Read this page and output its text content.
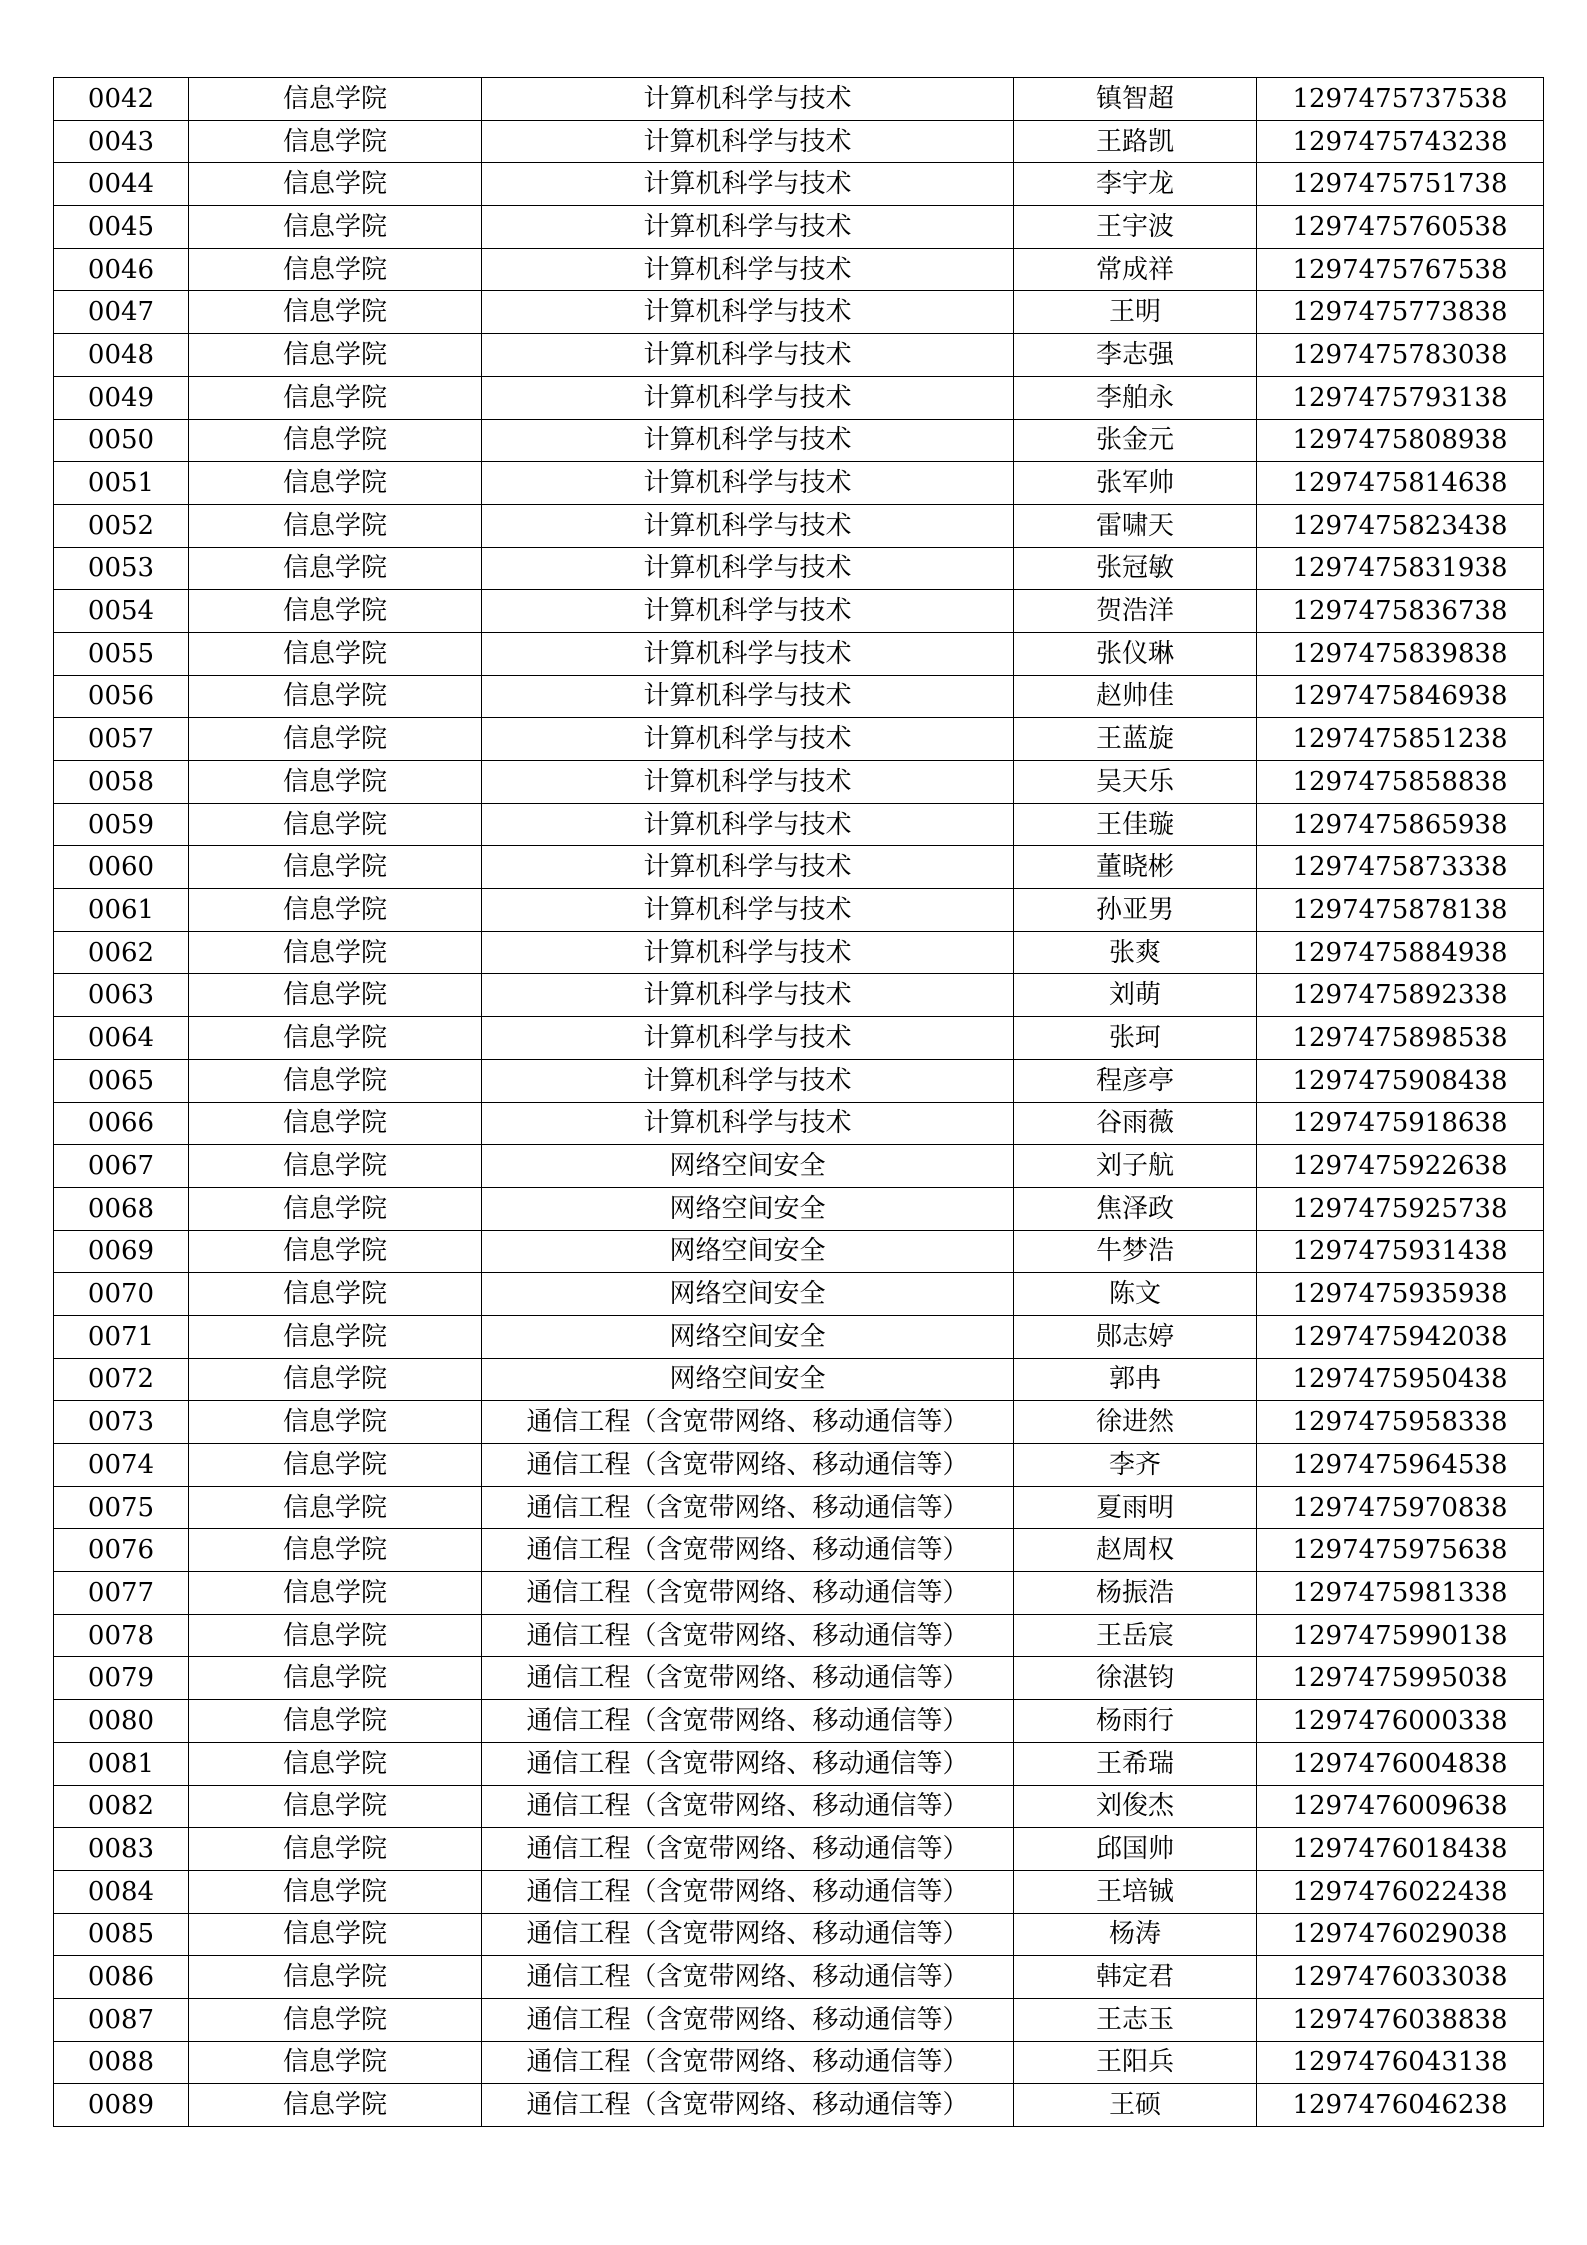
0042	信息学院	计算机科学与技术	镇智超	1297475737538
0043	信息学院	计算机科学与技术	王路凯	1297475743238
0044	信息学院	计算机科学与技术	李宇龙	1297475751738
0045	信息学院	计算机科学与技术	王宇波	1297475760538
0046	信息学院	计算机科学与技术	常成祥	1297475767538
0047	信息学院	计算机科学与技术	王明	1297475773838
0048	信息学院	计算机科学与技术	李志强	1297475783038
0049	信息学院	计算机科学与技术	李舶永	1297475793138
0050	信息学院	计算机科学与技术	张金元	1297475808938
0051	信息学院	计算机科学与技术	张军帅	1297475814638
0052	信息学院	计算机科学与技术	雷啸天	1297475823438
0053	信息学院	计算机科学与技术	张冠敏	1297475831938
0054	信息学院	计算机科学与技术	贺浩洋	1297475836738
0055	信息学院	计算机科学与技术	张仪琳	1297475839838
0056	信息学院	计算机科学与技术	赵帅佳	1297475846938
0057	信息学院	计算机科学与技术	王蓝旋	1297475851238
0058	信息学院	计算机科学与技术	吴天乐	1297475858838
0059	信息学院	计算机科学与技术	王佳璇	1297475865938
0060	信息学院	计算机科学与技术	董晓彬	1297475873338
0061	信息学院	计算机科学与技术	孙亚男	1297475878138
0062	信息学院	计算机科学与技术	张爽	1297475884938
0063	信息学院	计算机科学与技术	刘萌	1297475892338
0064	信息学院	计算机科学与技术	张珂	1297475898538
0065	信息学院	计算机科学与技术	程彦亭	1297475908438
0066	信息学院	计算机科学与技术	谷雨薇	1297475918638
0067	信息学院	网络空间安全	刘子航	1297475922638
0068	信息学院	网络空间安全	焦泽政	1297475925738
0069	信息学院	网络空间安全	牛梦浩	1297475931438
0070	信息学院	网络空间安全	陈文	1297475935938
0071	信息学院	网络空间安全	郧志婷	1297475942038
0072	信息学院	网络空间安全	郭冉	1297475950438
0073	信息学院	通信工程（含宽带网络、移动通信等）	徐进然	1297475958338
0074	信息学院	通信工程（含宽带网络、移动通信等）	李齐	1297475964538
0075	信息学院	通信工程（含宽带网络、移动通信等）	夏雨明	1297475970838
0076	信息学院	通信工程（含宽带网络、移动通信等）	赵周权	1297475975638
0077	信息学院	通信工程（含宽带网络、移动通信等）	杨振浩	1297475981338
0078	信息学院	通信工程（含宽带网络、移动通信等）	王岳宸	1297475990138
0079	信息学院	通信工程（含宽带网络、移动通信等）	徐湛钧	1297475995038
0080	信息学院	通信工程（含宽带网络、移动通信等）	杨雨行	1297476000338
0081	信息学院	通信工程（含宽带网络、移动通信等）	王希瑞	1297476004838
0082	信息学院	通信工程（含宽带网络、移动通信等）	刘俊杰	1297476009638
0083	信息学院	通信工程（含宽带网络、移动通信等）	邱国帅	1297476018438
0084	信息学院	通信工程（含宽带网络、移动通信等）	王培铖	1297476022438
0085	信息学院	通信工程（含宽带网络、移动通信等）	杨涛	1297476029038
0086	信息学院	通信工程（含宽带网络、移动通信等）	韩定君	1297476033038
0087	信息学院	通信工程（含宽带网络、移动通信等）	王志玉	1297476038838
0088	信息学院	通信工程（含宽带网络、移动通信等）	王阳兵	1297476043138
0089	信息学院	通信工程（含宽带网络、移动通信等）	王硕	1297476046238
